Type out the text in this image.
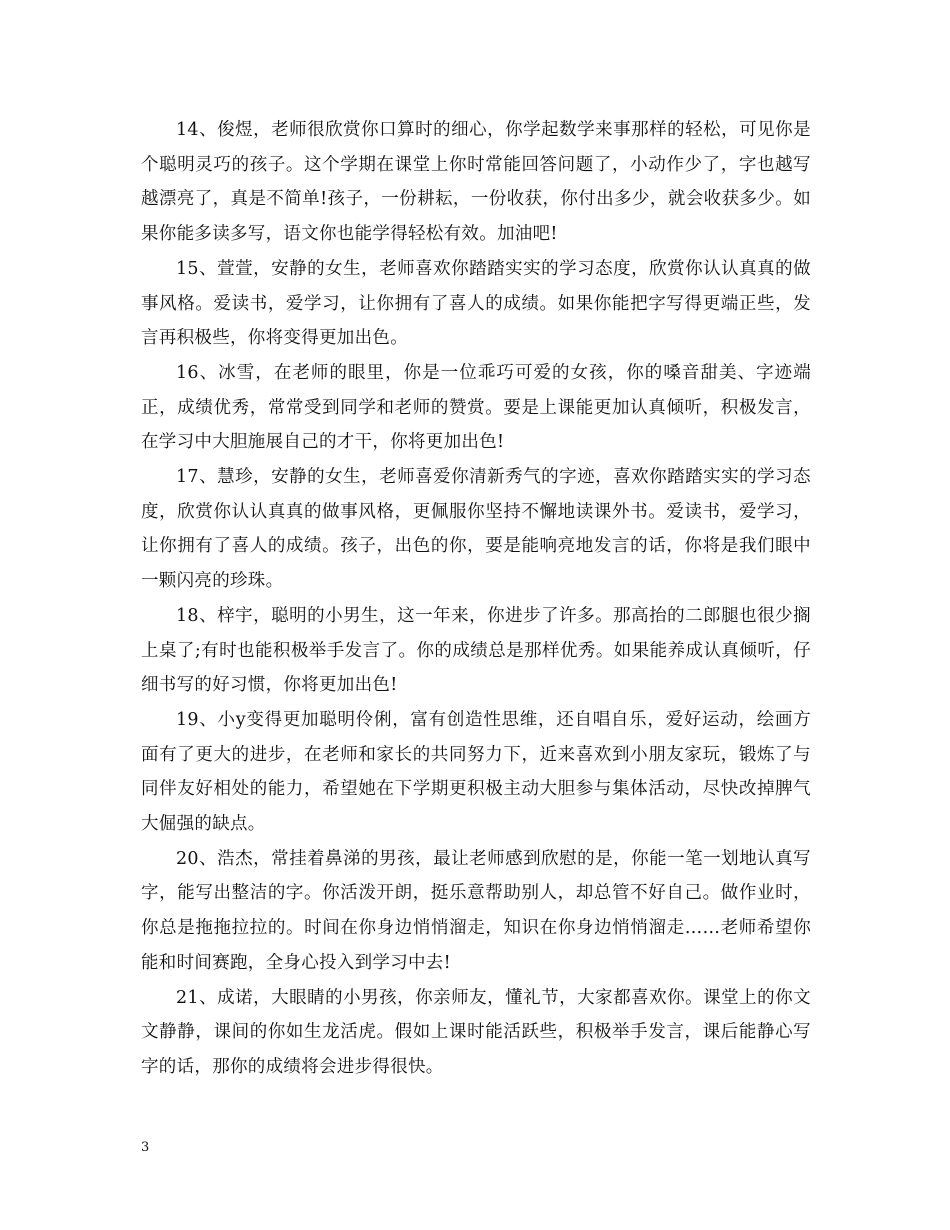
14、俊煜，老师很欣赏你口算时的细心，你学起数学来事那样的轻松，可见你是个聪明灵巧的孩子。这个学期在课堂上你时常能回答问题了，小动作少了，字也越写越漂亮了，真是不简单!孩子，一份耕耘，一份收获，你付出多少，就会收获多少。如果你能多读多写，语文你也能学得轻松有效。加油吧!

15、萱萱，安静的女生，老师喜欢你踏踏实实的学习态度，欣赏你认认真真的做事风格。爱读书，爱学习，让你拥有了喜人的成绩。如果你能把字写得更端正些，发言再积极些，你将变得更加出色。

16、冰雪，在老师的眼里，你是一位乖巧可爱的女孩，你的嗓音甜美、字迹端正，成绩优秀，常常受到同学和老师的赞赏。要是上课能更加认真倾听，积极发言，在学习中大胆施展自己的才干，你将更加出色!

17、慧珍，安静的女生，老师喜爱你清新秀气的字迹，喜欢你踏踏实实的学习态度，欣赏你认认真真的做事风格，更佩服你坚持不懈地读课外书。爱读书，爱学习，让你拥有了喜人的成绩。孩子，出色的你，要是能响亮地发言的话，你将是我们眼中一颗闪亮的珍珠。

18、梓宇，聪明的小男生，这一年来，你进步了许多。那高抬的二郎腿也很少搁上桌了;有时也能积极举手发言了。你的成绩总是那样优秀。如果能养成认真倾听，仔细书写的好习惯，你将更加出色!

19、小y变得更加聪明伶俐，富有创造性思维，还自唱自乐，爱好运动，绘画方面有了更大的进步，在老师和家长的共同努力下，近来喜欢到小朋友家玩，锻炼了与同伴友好相处的能力，希望她在下学期更积极主动大胆参与集体活动，尽快改掉脾气大倔强的缺点。

20、浩杰，常挂着鼻涕的男孩，最让老师感到欣慰的是，你能一笔一划地认真写字，能写出整洁的字。你活泼开朗，挺乐意帮助别人，却总管不好自己。做作业时，你总是拖拖拉拉的。时间在你身边悄悄溜走，知识在你身边悄悄溜走……老师希望你能和时间赛跑，全身心投入到学习中去!

21、成诺，大眼睛的小男孩，你亲师友，懂礼节，大家都喜欢你。课堂上的你文文静静，课间的你如生龙活虎。假如上课时能活跃些，积极举手发言，课后能静心写字的话，那你的成绩将会进步得很快。

3
